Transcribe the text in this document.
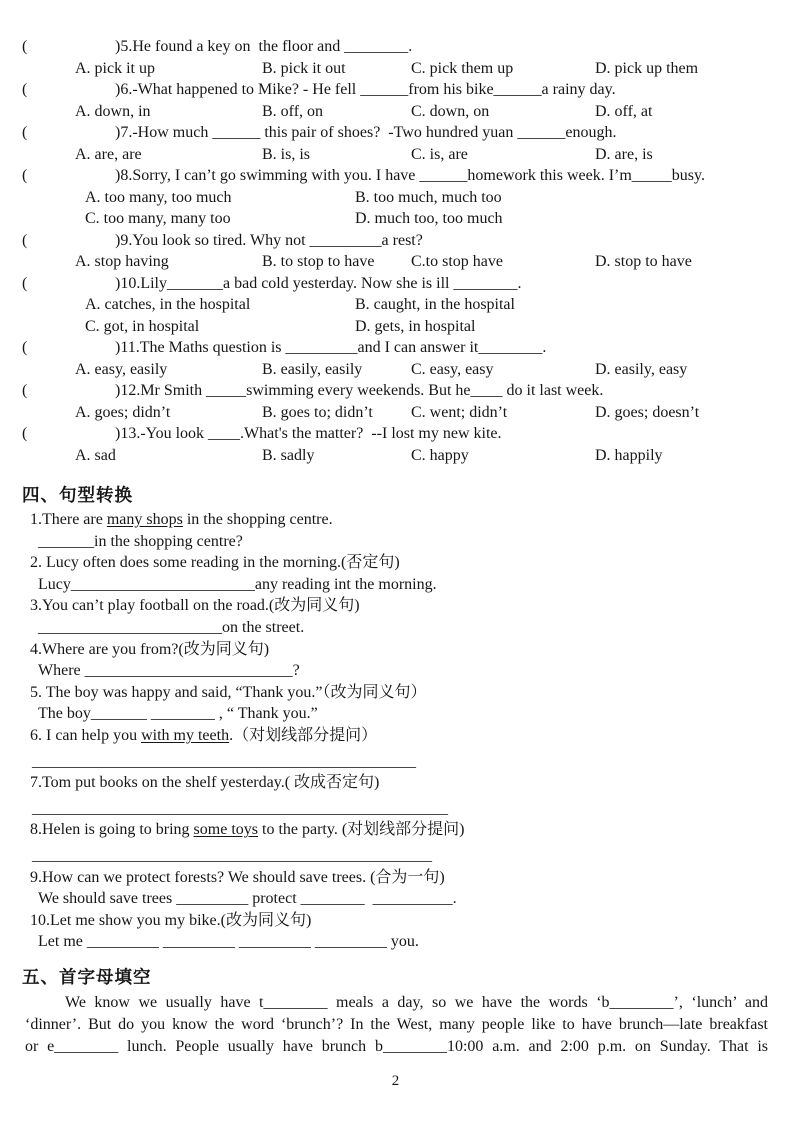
(	)5.He found a key on  the floor and ________.
A. pick it up	B. pick it out	C. pick them up	D. pick up them
(	)6.-What happened to Mike? - He fell ______from his bike______a rainy day.
A. down, in	B. off, on	C. down, on	D. off, at
(	)7.-How much ______ this pair of shoes?  -Two hundred yuan ______enough.
A. are, are	B. is, is	C. is, are	D. are, is
(	)8.Sorry, I can’t go swimming with you. I have ______homework this week. I’m_____busy.
A. too many, too much	B. too much, much too
C. too many, many too	D. much too, too much
(	)9.You look so tired. Why not _________a rest?
A. stop having	B. to stop to have	C.to stop have	D. stop to have
(	)10.Lily_______a bad cold yesterday. Now she is ill ________.
A. catches, in the hospital	B. caught, in the hospital
C. got, in hospital	D. gets, in hospital
(	)11.The Maths question is _________and I can answer it________.
A. easy, easily	B. easily, easily	C. easy, easy	D. easily, easy
(	)12.Mr Smith _____swimming every weekends. But he____ do it last week.
A. goes; didn’t	B. goes to; didn’t	C. went; didn’t	D. goes; doesn’t
(	)13.-You look ____.What's the matter?  --I lost my new kite.
A. sad	B. sadly	C. happy	D. happily
四、句型转换
1.There are many shops in the shopping centre.
_______in the shopping centre?
2. Lucy often does some reading in the morning.(否定句)
Lucy_______________________any reading int the morning.
3.You can’t play football on the road.(改为同义句)
_______________________on the street.
4.Where are you from?(改为同义句)
Where __________________________?
5. The boy was happy and said, “Thank you.”（改为同义句）
The boy_______ ________ , “ Thank you.”
6. I can help you with my teeth.（对划线部分提问）
________________________________________________
7.Tom put books on the shelf yesterday.( 改成否定句)
____________________________________________________
8.Helen is going to bring some toys to the party. (对划线部分提问)
__________________________________________________
9.How can we protect forests? We should save trees. (合为一句)
We should save trees _________ protect ________  __________.
10.Let me show you my bike.(改为同义句)
Let me _________ _________ _________ _________ you.
五、首字母填空
We know we usually have t________ meals a day, so we have the words ‘b________’, ‘lunch’ and
‘dinner’. But do you know the word ‘brunch’? In the West, many people like to have brunch—late breakfast
or e________ lunch. People usually have brunch b________10:00 a.m. and 2:00 p.m. on Sunday. That is
2
